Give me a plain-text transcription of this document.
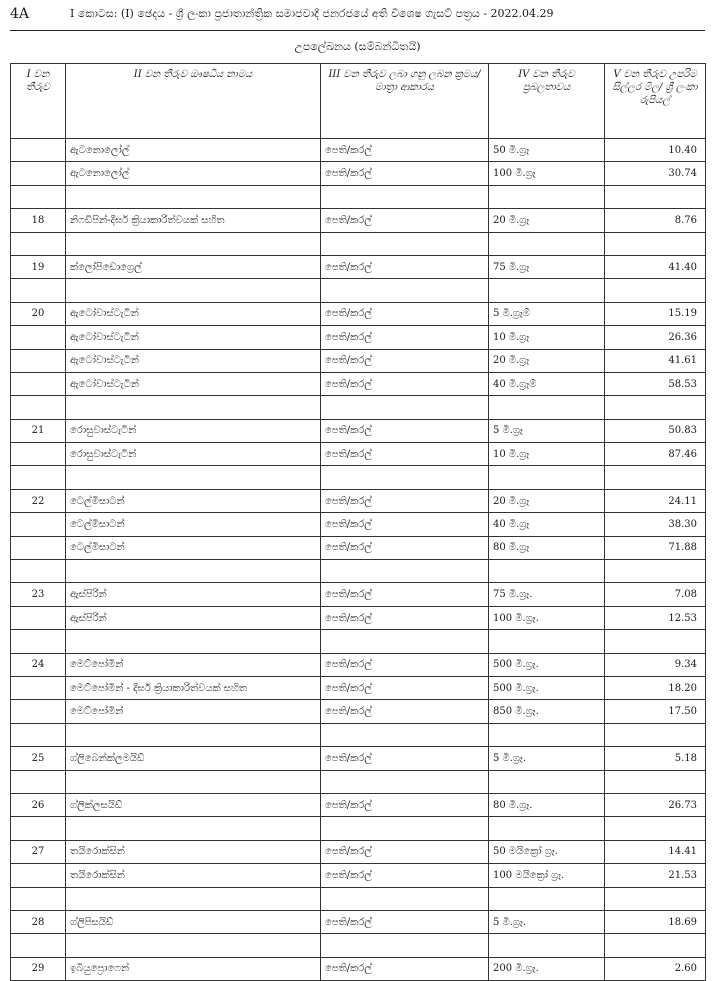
4A	I කොටස: (I) ඡෙදය - ශ්‍රී ලංකා ප්‍රජාතාන්ත්‍රික සමාජවාදී ජනරජයේ අති විශෙෂ ගැසට් පත්‍රය - 2022.04.29
උපලේඛනය (සම්බන්ධිතයි)
I වන තීරුව	II වන තීරුව ඖෂධීය නාමය	III වන තීරුව ලබා ගනු ලබන ක්‍රමය/මාත්‍රා ආකාරය	IV වන තීරුව ප්‍රබලතාවය	V වන තීරුව උපරිම සිල්ලර මිල/ ශ්‍රී ලංකා රුපියල්
	ඇටනොලෝල්	පෙති/කරල්	50 මි.ග්‍රෑ	10.40
	ඇටනොලෝල්	පෙති/කරල්	100 මි.ග්‍රෑ	30.74

18	නිෆඩිපින්-දීර්ඝ ක්‍රියාකාරිත්වයක් සහිත	පෙති/කරල්	20 මි.ග්‍රෑ	8.76

19	ක්ලෝපිඩොග්‍රෙල්	පෙති/කරල්	75 මි.ග්‍රෑ	41.40

20	ඇටෝවාස්ටැටින්	පෙති/කරල්	5 මි.ග්‍රෑම්	15.19
	ඇටෝවාස්ටැටින්	පෙති/කරල්	10 මි.ග්‍රෑ	26.36
	ඇටෝවාස්ටැටින්	පෙති/කරල්	20 මි.ග්‍රෑ	41.61
	ඇටෝවාස්ටැටින්	පෙති/කරල්	40 මි.ග්‍රෑම්	58.53

21	රොසුවාස්ටැටින්	පෙති/කරල්	5 මි.ග්‍රෑ	50.83
	රොසුවාස්ටැටින්	පෙති/කරල්	10 මි.ග්‍රෑ	87.46

22	ටෙල්මිසාටන්	පෙති/කරල්	20 මි.ග්‍රෑ	24.11
	ටෙල්මිසාටන්	පෙති/කරල්	40 මි.ග්‍රෑ	38.30
	ටෙල්මිසාටන්	පෙති/කරල්	80 මි.ග්‍රෑ	71.88

23	ඇස්පිරින්	පෙති/කරල්	75 මි.ග්‍රෑ.	7.08
	ඇස්පිරින්	පෙති/කරල්	100 මි.ග්‍රෑ.	12.53

24	මෙට්පෝමින්	පෙති/කරල්	500 මි.ග්‍රෑ.	9.34
	මෙට්පෝමින් - දීර්ඝ ක්‍රියාකාරිත්වයක් සහිත	පෙති/කරල්	500 මි.ග්‍රෑ.	18.20
	මෙට්පෝමින්	පෙති/කරල්	850 මි.ග්‍රෑ.	17.50

25	ග්ලිබෙන්ක්ලමයිඩ්	පෙති/කරල්	5 මි.ග්‍රෑ.	5.18

26	ග්ලික්ලසයිඩ්	පෙති/කරල්	80 මි.ග්‍රෑ.	26.73

27	තයිරොක්සින්	පෙති/කරල්	50 මයික්‍රෝ ග්‍රෑ.	14.41
	තයිරොක්සින්	පෙති/කරල්	100 මයික්‍රෝ ග්‍රෑ.	21.53

28	ග්ලිපිසයිඩ්	පෙති/කරල්	5 මි.ග්‍රෑ.	18.69

29	ඉබියුප්‍රොෆෙන්	පෙති/කරල්	200 මි.ග්‍රෑ.	2.60
